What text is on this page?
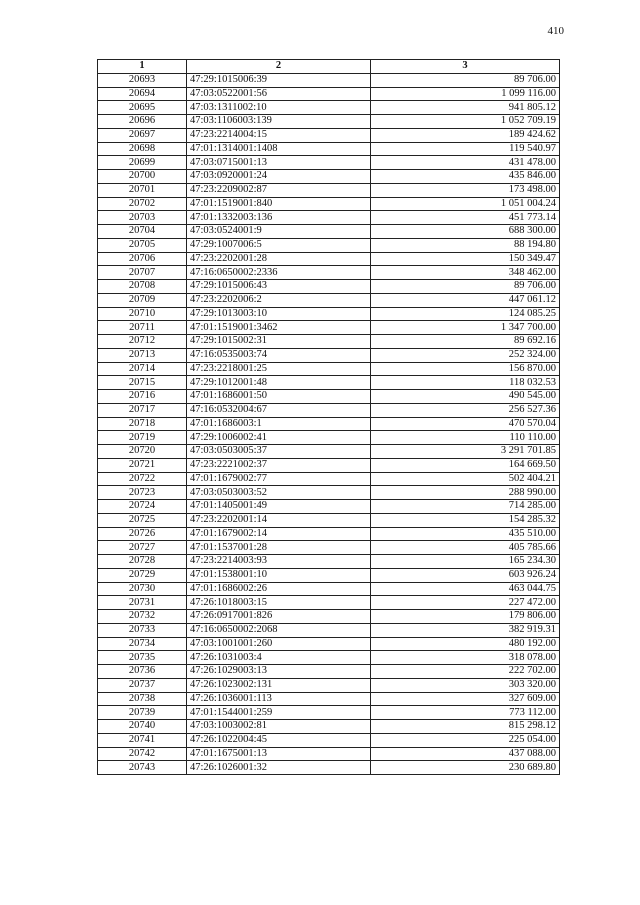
410
1	2	3
20693	47:29:1015006:39	89 706.00
20694	47:03:0522001:56	1 099 116.00
20695	47:03:1311002:10	941 805.12
20696	47:03:1106003:139	1 052 709.19
20697	47:23:2214004:15	189 424.62
20698	47:01:1314001:1408	119 540.97
20699	47:03:0715001:13	431 478.00
20700	47:03:0920001:24	435 846.00
20701	47:23:2209002:87	173 498.00
20702	47:01:1519001:840	1 051 004.24
20703	47:01:1332003:136	451 773.14
20704	47:03:0524001:9	688 300.00
20705	47:29:1007006:5	88 194.80
20706	47:23:2202001:28	150 349.47
20707	47:16:0650002:2336	348 462.00
20708	47:29:1015006:43	89 706.00
20709	47:23:2202006:2	447 061.12
20710	47:29:1013003:10	124 085.25
20711	47:01:1519001:3462	1 347 700.00
20712	47:29:1015002:31	89 692.16
20713	47:16:0535003:74	252 324.00
20714	47:23:2218001:25	156 870.00
20715	47:29:1012001:48	118 032.53
20716	47:01:1686001:50	490 545.00
20717	47:16:0532004:67	256 527.36
20718	47:01:1686003:1	470 570.04
20719	47:29:1006002:41	110 110.00
20720	47:03:0503005:37	3 291 701.85
20721	47:23:2221002:37	164 669.50
20722	47:01:1679002:77	502 404.21
20723	47:03:0503003:52	288 990.00
20724	47:01:1405001:49	714 285.00
20725	47:23:2202001:14	154 285.32
20726	47:01:1679002:14	435 510.00
20727	47:01:1537001:28	405 785.66
20728	47:23:2214003:93	165 234.30
20729	47:01:1538001:10	603 926.24
20730	47:01:1686002:26	463 044.75
20731	47:26:1018003:15	227 472.00
20732	47:26:0917001:826	179 806.00
20733	47:16:0650002:2068	382 919.31
20734	47:03:1001001:260	480 192.00
20735	47:26:1031003:4	318 078.00
20736	47:26:1029003:13	222 702.00
20737	47:26:1023002:131	303 320.00
20738	47:26:1036001:113	327 609.00
20739	47:01:1544001:259	773 112.00
20740	47:03:1003002:81	815 298.12
20741	47:26:1022004:45	225 054.00
20742	47:01:1675001:13	437 088.00
20743	47:26:1026001:32	230 689.80
